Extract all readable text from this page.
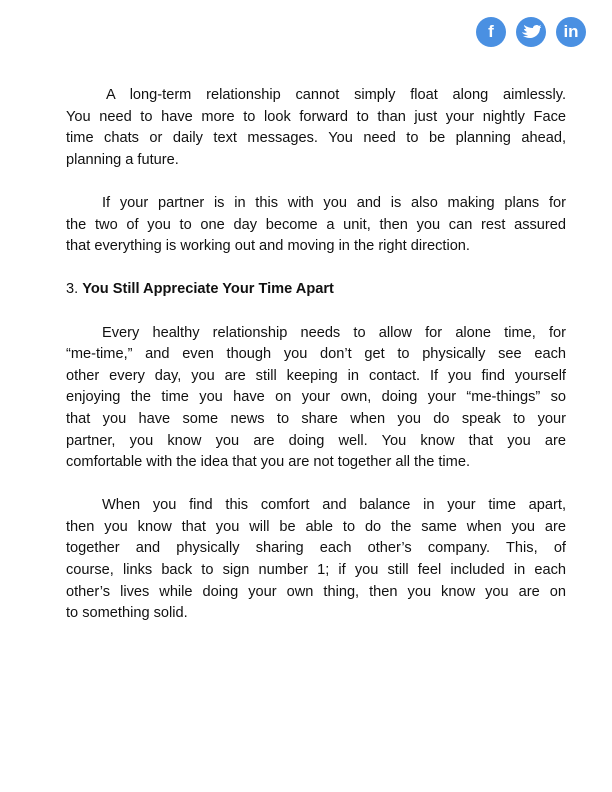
f	in
A long-term relationship cannot simply float along aimlessly.
You need to have more to look forward to than just your nightly Face
time chats or daily text messages. You need to be planning ahead,
planning a future.
If your partner is in this with you and is also making plans for
the two of you to one day become a unit, then you can rest assured
that everything is working out and moving in the right direction.
3. You Still Appreciate Your Time Apart
Every healthy relationship needs to allow for alone time, for
“me-time,” and even though you don’t get to physically see each
other every day, you are still keeping in contact. If you find yourself
enjoying the time you have on your own, doing your “me-things” so
that you have some news to share when you do speak to your
partner, you know you are doing well. You know that you are
comfortable with the idea that you are not together all the time.
When you find this comfort and balance in your time apart,
then you know that you will be able to do the same when you are
together and physically sharing each other’s company. This, of
course, links back to sign number 1; if you still feel included in each
other’s lives while doing your own thing, then you know you are on
to something solid.
